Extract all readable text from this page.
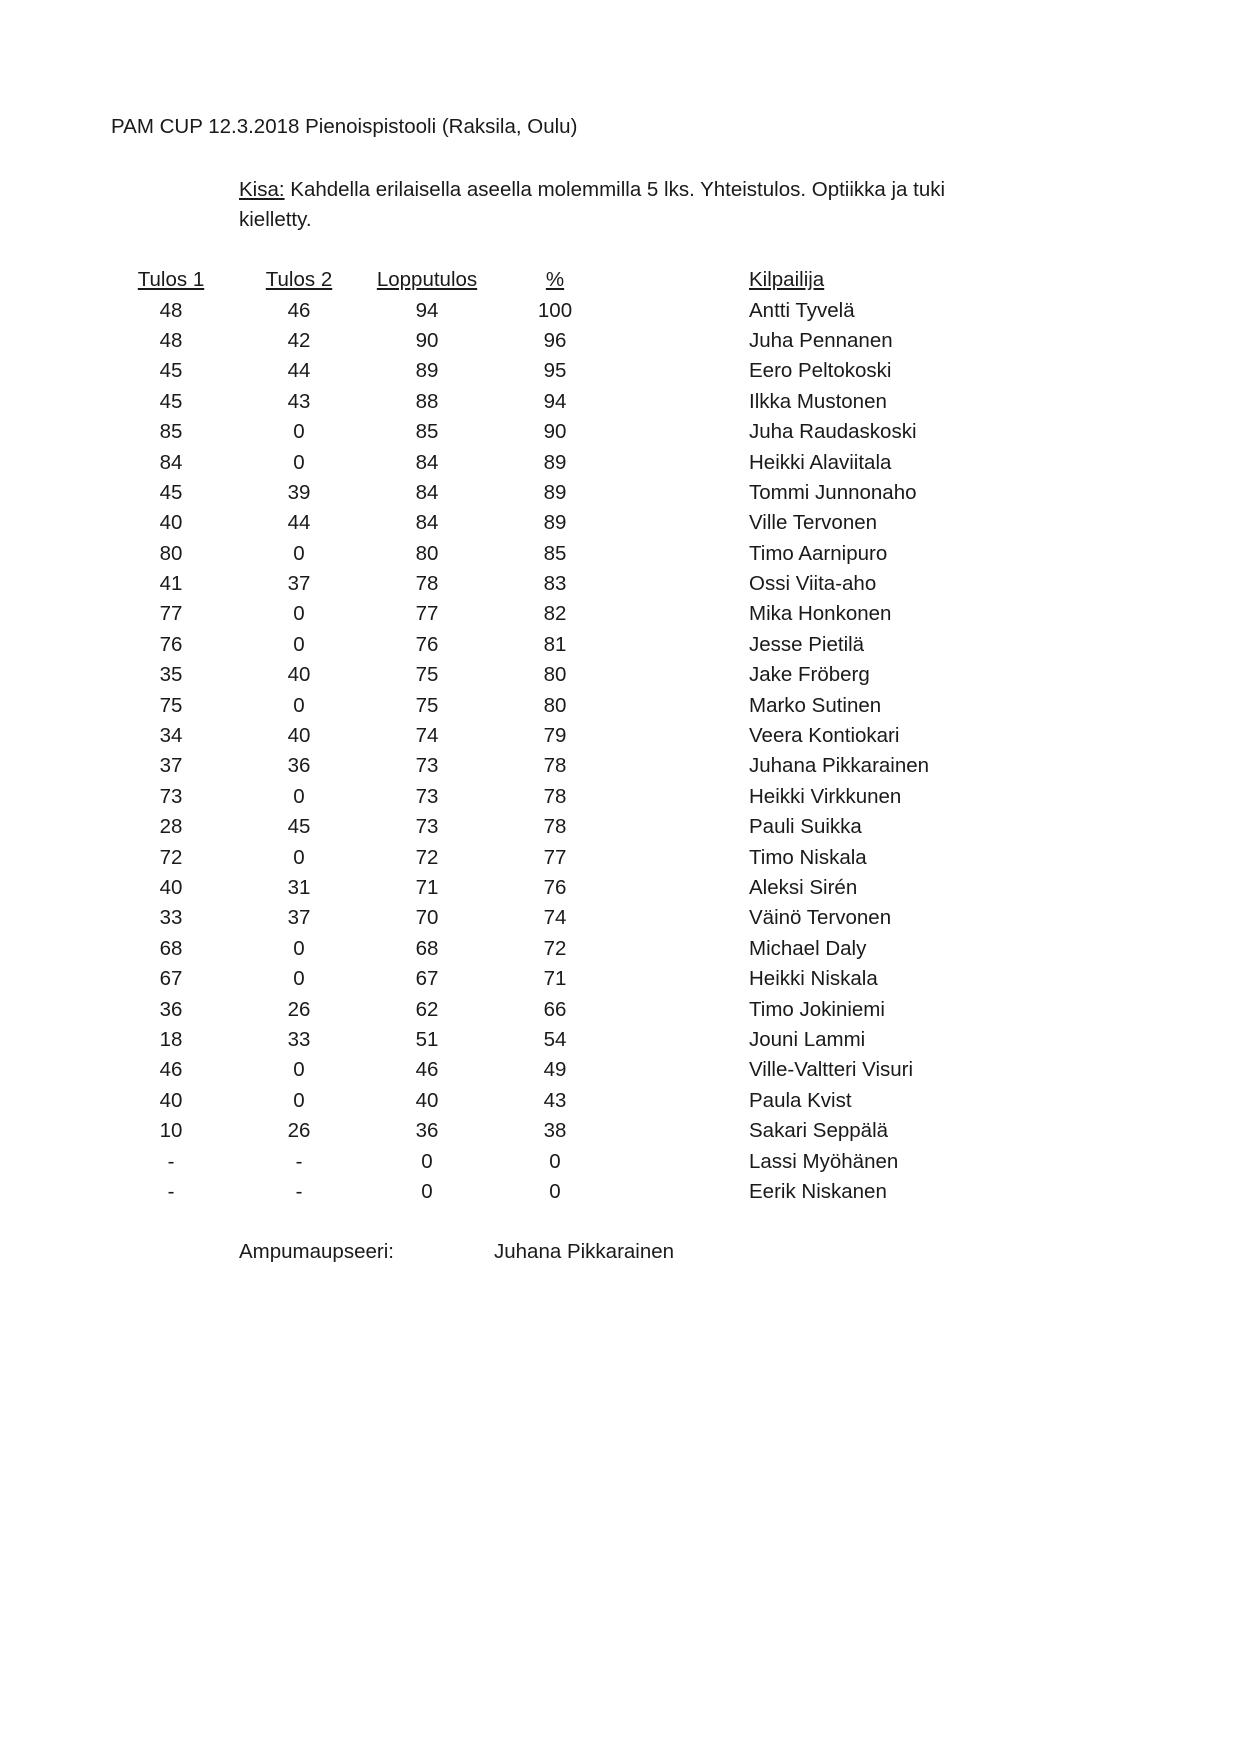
PAM CUP 12.3.2018 Pienoispistooli (Raksila, Oulu)
Kisa: Kahdella erilaisella aseella molemmilla 5 lks. Yhteistulos. Optiikka ja tuki kielletty.
Tulos 1	Tulos 2	Lopputulos	%		Kilpailija
48	46	94	100		Antti Tyvelä
48	42	90	96		Juha Pennanen
45	44	89	95		Eero Peltokoski
45	43	88	94		Ilkka Mustonen
85	0	85	90		Juha Raudaskoski
84	0	84	89		Heikki Alaviitala
45	39	84	89		Tommi Junnonaho
40	44	84	89		Ville Tervonen
80	0	80	85		Timo Aarnipuro
41	37	78	83		Ossi Viita-aho
77	0	77	82		Mika Honkonen
76	0	76	81		Jesse Pietilä
35	40	75	80		Jake Fröberg
75	0	75	80		Marko Sutinen
34	40	74	79		Veera Kontiokari
37	36	73	78		Juhana Pikkarainen
73	0	73	78		Heikki Virkkunen
28	45	73	78		Pauli Suikka
72	0	72	77		Timo Niskala
40	31	71	76		Aleksi Sirén
33	37	70	74		Väinö Tervonen
68	0	68	72		Michael Daly
67	0	67	71		Heikki Niskala
36	26	62	66		Timo Jokiniemi
18	33	51	54		Jouni Lammi
46	0	46	49		Ville-Valtteri Visuri
40	0	40	43		Paula Kvist
10	26	36	38		Sakari Seppälä
-	-	0	0		Lassi Myöhänen
-	-	0	0		Eerik Niskanen
Ampumaupseeri:	Juhana Pikkarainen
